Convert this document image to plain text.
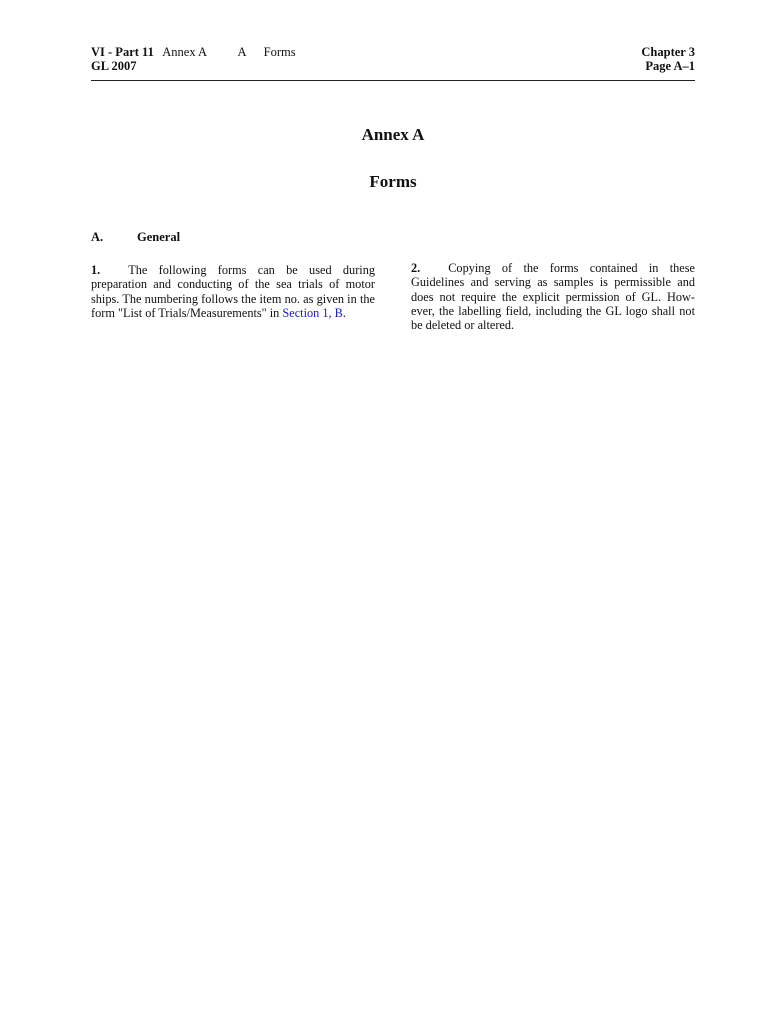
VI - Part 11 Annex A A Forms
GL 2007
Chapter 3
Page A–1
Annex A
Forms
A.	General
1. The following forms can be used during preparation and conducting of the sea trials of motor ships. The numbering follows the item no. as given in the form "List of Trials/Measurements" in Section 1, B.
2. Copying of the forms contained in these Guidelines and serving as samples is permissible and does not require the explicit permission of GL. How-ever, the labelling field, including the GL logo shall not be deleted or altered.
